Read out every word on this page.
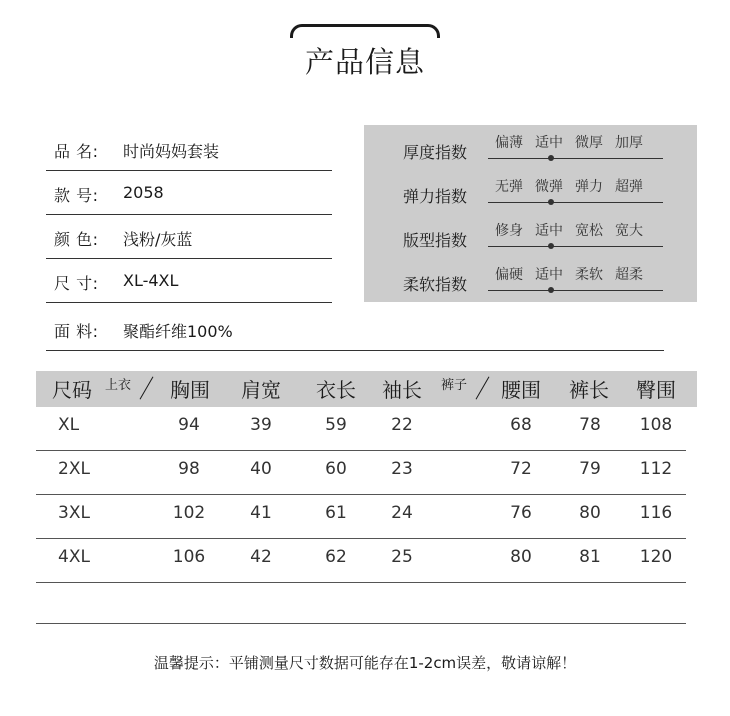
产品信息
品 名: 时尚妈妈套装
款 号: 2058
颜 色: 浅粉/灰蓝
尺 寸: XL-4XL
面 料: 聚酯纤维100%
厚度指数 偏薄 适中 微厚 加厚
弹力指数 无弹 微弹 弹力 超弹
版型指数 修身 适中 宽松 宽大
柔软指数 偏硬 适中 柔软 超柔
尺码 上衣 胸围 肩宽 衣长 袖长 裤子 腰围 裤长 臀围
XL	94	39	59	22	68	78	108
2XL	98	40	60	23	72	79	112
3XL	102	41	61	24	76	80	116
4XL	106	42	62	25	80	81	120
温馨提示：平铺测量尺寸数据可能存在1-2cm误差，敬请谅解！
